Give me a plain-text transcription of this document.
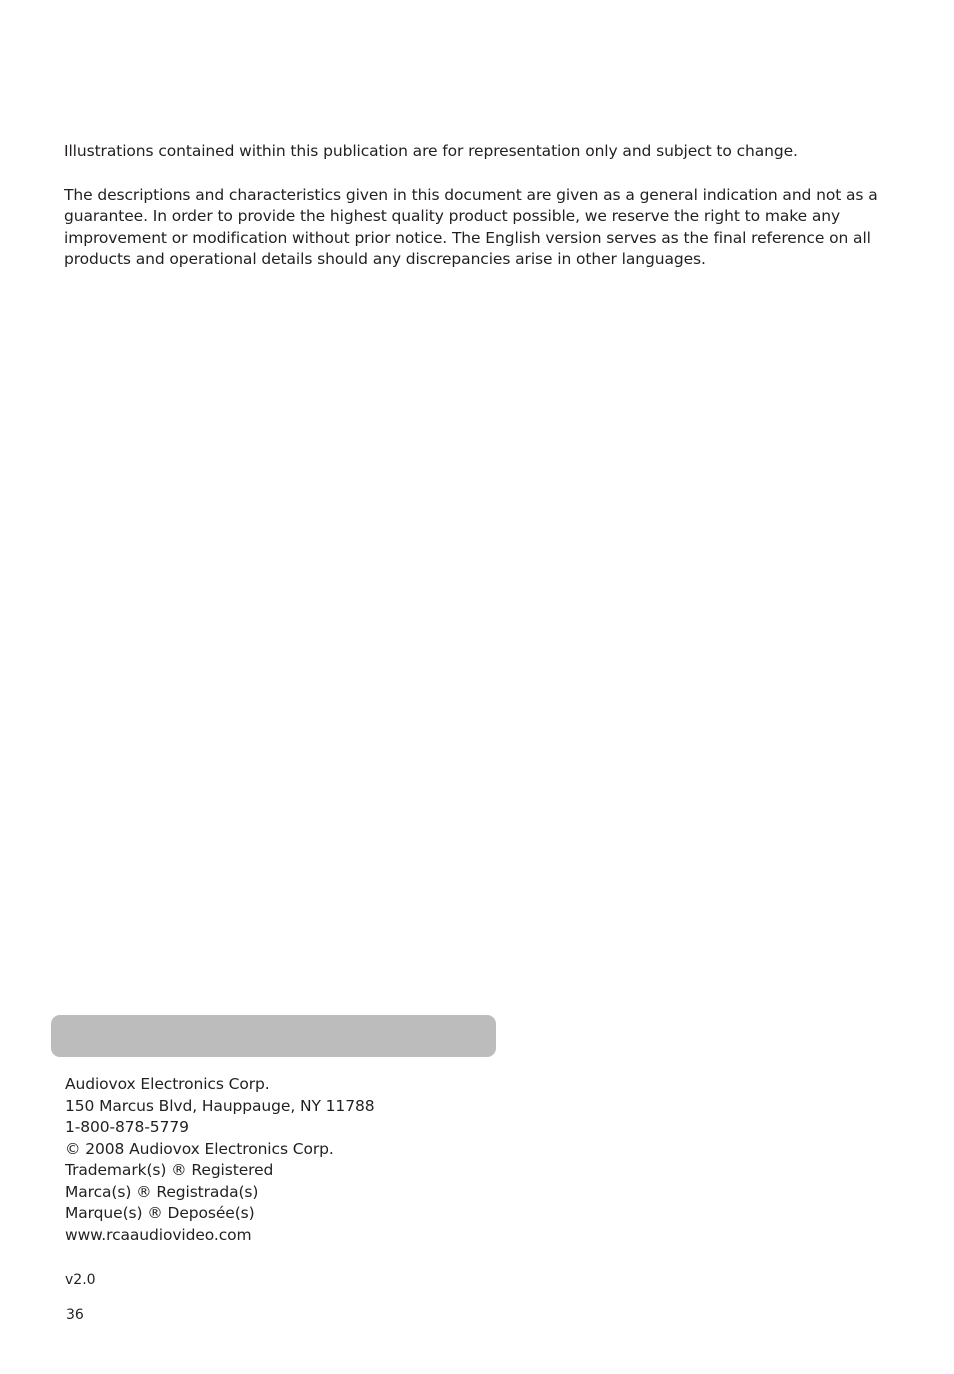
Illustrations contained within this publication are for representation only and subject to change.

The descriptions and characteristics given in this document are given as a general indication and not as a guarantee. In order to provide the highest quality product possible, we reserve the right to make any improvement or modification without prior notice. The English version serves as the final reference on all products and operational details should any discrepancies arise in other languages.

Audiovox Electronics Corp.
150 Marcus Blvd, Hauppauge, NY 11788
1-800-878-5779
© 2008 Audiovox Electronics Corp.
Trademark(s) ® Registered
Marca(s) ® Registrada(s)
Marque(s) ® Deposée(s)
www.rcaaudiovideo.com
v2.0
36
